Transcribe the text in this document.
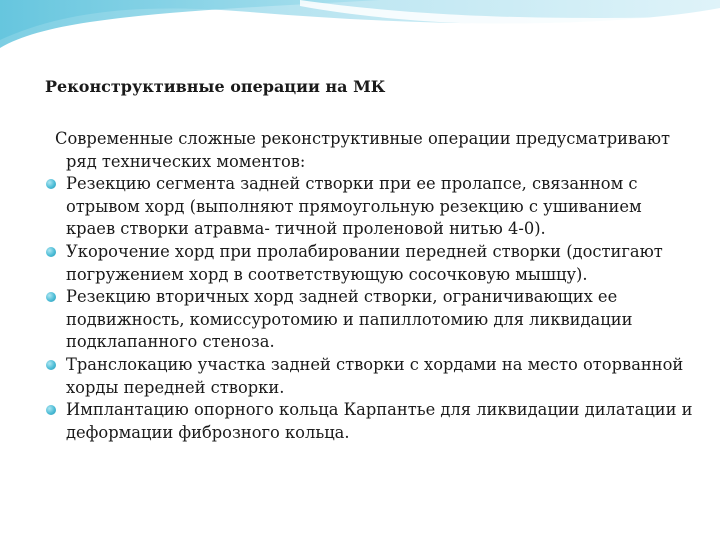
Реконструктивные операции на МК

Современные сложные реконструктивные операции предусматривают ряд технических моментов:

Резекцию сегмента задней створки при ее пролапсе, связанном с отрывом хорд (выполняют прямоугольную резекцию с ушиванием краев створки атравма- тичной проленовой нитью 4-0).
Укорочение хорд при пролабировании передней створки (достигают погружением хорд в соответствующую сосочковую мышцу).
Резекцию вторичных хорд задней створки, ограничивающих ее подвижность, комиссуротомию и папиллотомию для ликвидации подклапанного стеноза.
Транслокацию участка задней створки с хордами на место оторванной хорды передней створки.
Имплантацию опорного кольца Карпантье для ликвидации дилатации и деформации фиброзного кольца.
